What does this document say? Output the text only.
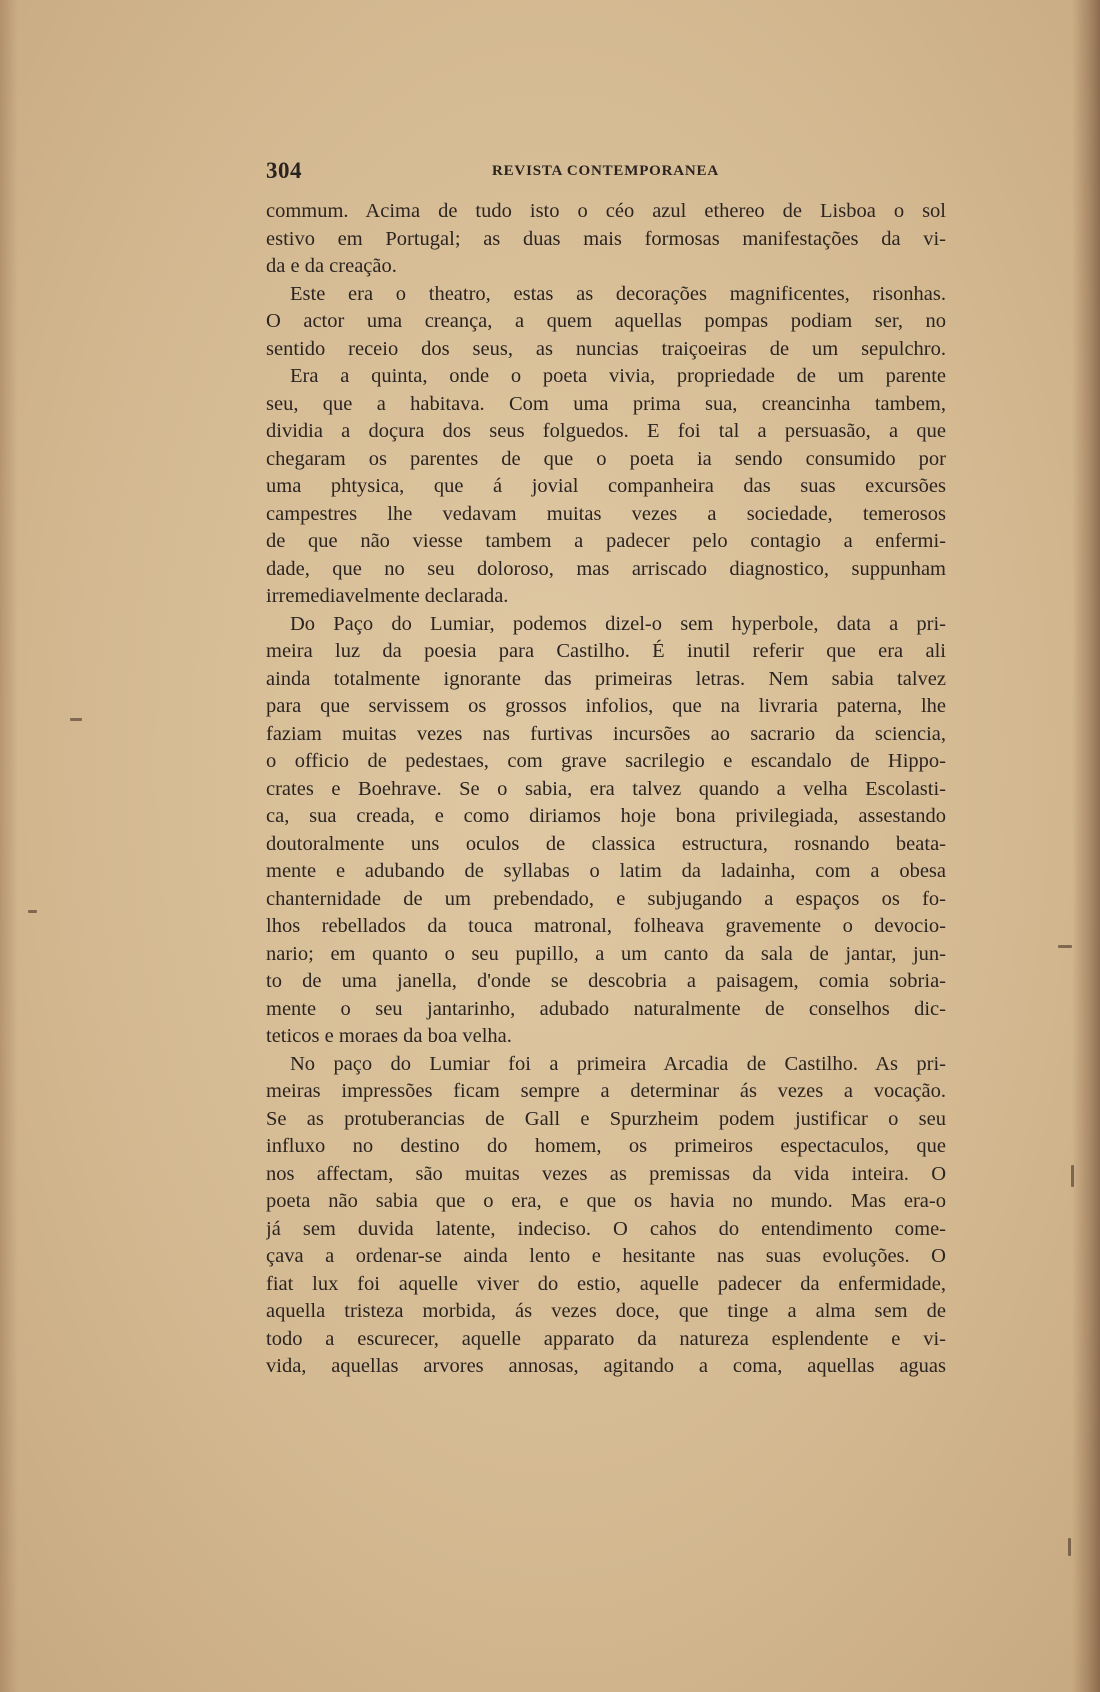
304	REVISTA CONTEMPORANEA
commum. Acima de tudo isto o céo azul ethereo de Lisboa o sol
estivo em Portugal; as duas mais formosas manifestações da vi-
da e da creação.
Este era o theatro, estas as decorações magnificentes, risonhas.
O actor uma creança, a quem aquellas pompas podiam ser, no
sentido receio dos seus, as nuncias traiçoeiras de um sepulchro.
Era a quinta, onde o poeta vivia, propriedade de um parente
seu, que a habitava. Com uma prima sua, creancinha tambem,
dividia a doçura dos seus folguedos. E foi tal a persuasão, a que
chegaram os parentes de que o poeta ia sendo consumido por
uma phtysica, que á jovial companheira das suas excursões
campestres lhe vedavam muitas vezes a sociedade, temerosos
de que não viesse tambem a padecer pelo contagio a enfermi-
dade, que no seu doloroso, mas arriscado diagnostico, suppunham
irremediavelmente declarada.
Do Paço do Lumiar, podemos dizel-o sem hyperbole, data a pri-
meira luz da poesia para Castilho. É inutil referir que era ali
ainda totalmente ignorante das primeiras letras. Nem sabia talvez
para que servissem os grossos infolios, que na livraria paterna, lhe
faziam muitas vezes nas furtivas incursões ao sacrario da sciencia,
o officio de pedestaes, com grave sacrilegio e escandalo de Hippo-
crates e Boehrave. Se o sabia, era talvez quando a velha Escolasti-
ca, sua creada, e como diriamos hoje bona privilegiada, assestando
doutoralmente uns oculos de classica estructura, rosnando beata-
mente e adubando de syllabas o latim da ladainha, com a obesa
chanternidade de um prebendado, e subjugando a espaços os fo-
lhos rebellados da touca matronal, folheava gravemente o devocio-
nario; em quanto o seu pupillo, a um canto da sala de jantar, jun-
to de uma janella, d'onde se descobria a paisagem, comia sobria-
mente o seu jantarinho, adubado naturalmente de conselhos dic-
teticos e moraes da boa velha.
No paço do Lumiar foi a primeira Arcadia de Castilho. As pri-
meiras impressões ficam sempre a determinar ás vezes a vocação.
Se as protuberancias de Gall e Spurzheim podem justificar o seu
influxo no destino do homem, os primeiros espectaculos, que
nos affectam, são muitas vezes as premissas da vida inteira. O
poeta não sabia que o era, e que os havia no mundo. Mas era-o
já sem duvida latente, indeciso. O cahos do entendimento come-
çava a ordenar-se ainda lento e hesitante nas suas evoluções. O
fiat lux foi aquelle viver do estio, aquelle padecer da enfermidade,
aquella tristeza morbida, ás vezes doce, que tinge a alma sem de
todo a escurecer, aquelle apparato da natureza esplendente e vi-
vida, aquellas arvores annosas, agitando a coma, aquellas aguas
